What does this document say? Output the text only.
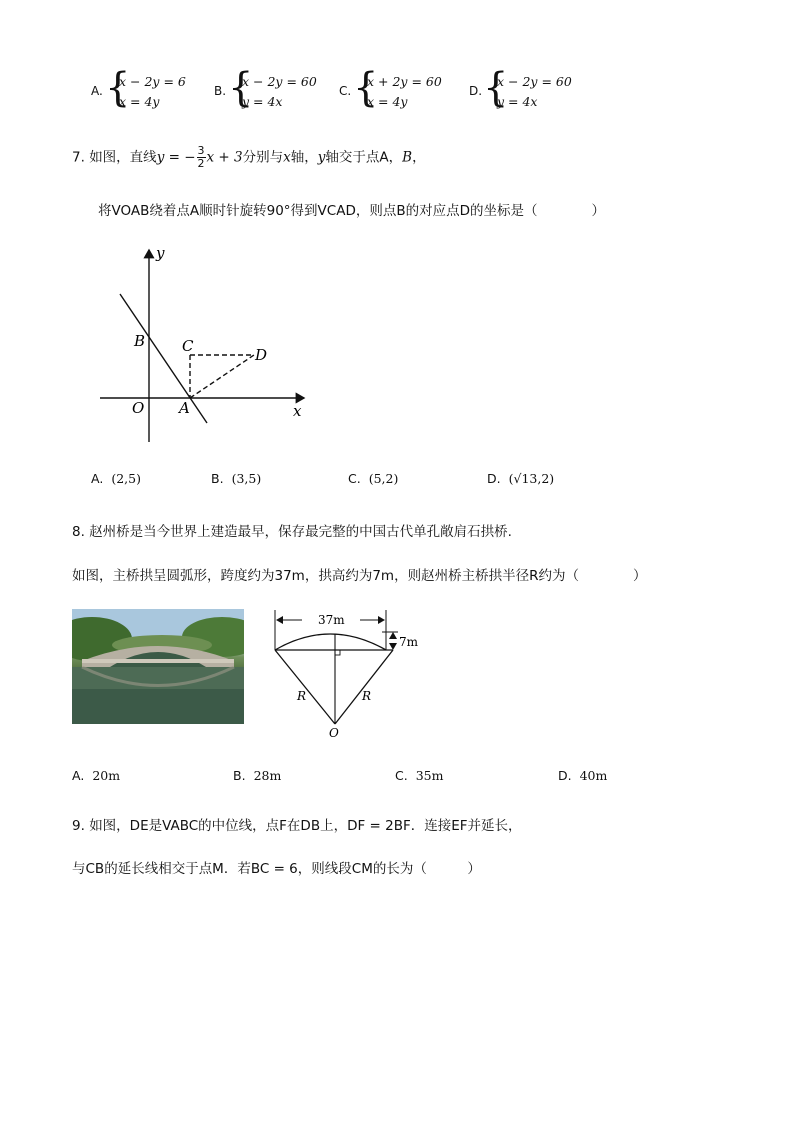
A. {
x − 2y = 6
x = 4y
B. {
x − 2y = 60
y = 4x
C. {
x + 2y = 60
x = 4y
D. {
x − 2y = 60
y = 4x
7. 如图，直线y = − $\frac{3}{2}$ x + 3分别与x轴，y轴交于点A，B，
将VOAB绕着点A顺时针旋转90°得到VCAD，则点B的对应点D的坐标是（　　　　）
y
x
O A
B C	D
A. (2,5)	B. (3,5)	C. (5,2)	D. (√13,2)
8. 赵州桥是当今世界上建造最早，保存最完整的中国古代单孔敞肩石拱桥.
如图，主桥拱呈圆弧形，跨度约为37m，拱高约为7m，则赵州桥主桥拱半径R约为（　　　　）
37m
7m
R	R
O
A. 20m	B. 28m	C. 35m	D. 40m
9. 如图，DE是VABC的中位线，点F在DB上，DF = 2BF．连接EF并延长，
与CB的延长线相交于点M．若BC = 6，则线段CM的长为（　　　）
